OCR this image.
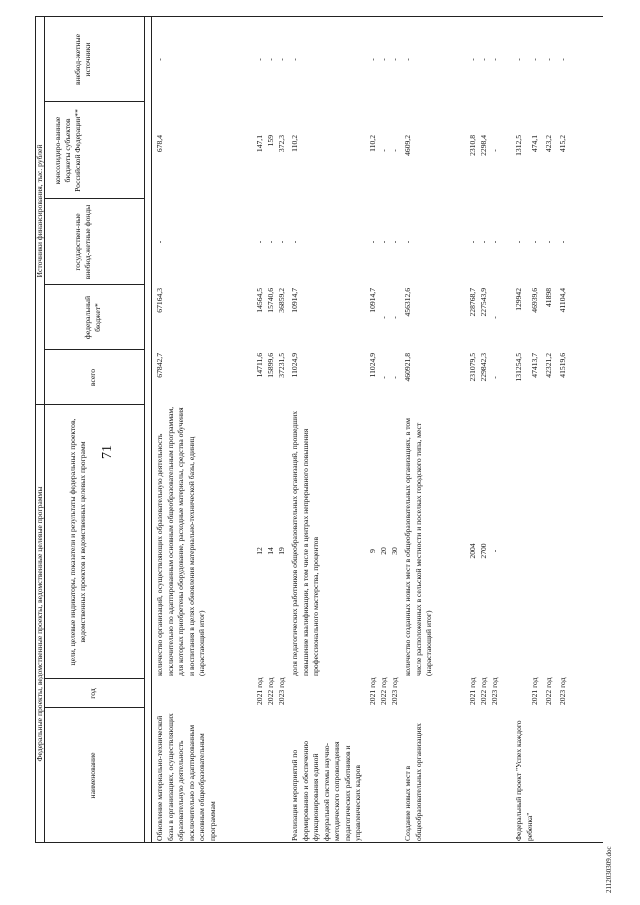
71
2112030309.doc
Федеральные проекты, ведомственные проекты, ведомственные целевые программы
Источники финансирования, тыс. рублей
наименование
год
цели, целевые индикаторы, показатели и результаты федеральных проектов, ведомственных проектов и ведомственных целевых программ
всего
федеральный бюджет*
государствен-ные внебюд-жетные фонды
консолидиро-ванные бюджеты субъектов Российской Федерации**
внебюд-жетные источники
Обновление материально-технической базы в организациях, осуществляющих образовательную деятельность исключительно по адаптированным основным общеобразовательным программам
количество организаций, осуществляющих образовательную деятельность исключительно по адаптированным основным общеобразовательным программам, для которых приобретены оборудование, расходные материалы, средства обучения и воспитания в целях обновления материально-технической базы, единиц (нарастающий итог)
67842,7
67164,3
-
678,4
-
2021 год
12
14711,6
14564,5
-
147,1
-
2022 год
14
15899,6
15740,6
-
159
-
2023 год
19
37231,5
36859,2
-
372,3
-
Реализация мероприятий по формированию и обеспечению функционирования единой федеральной системы научно-методического сопровождения педагогических работников и управленческих кадров
доля педагогических работников общеобразовательных организаций, прошедших повышение квалификации, в том числе в центрах непрерывного повышения профессионального мастерства, процентов
11024,9
10914,7
-
110,2
-
2021 год
9
11024,9
10914,7
-
110,2
-
2022 год
20
-
-
-
-
-
2023 год
30
-
-
-
-
-
Создание новых мест в общеобразовательных организациях
количество созданных новых мест в общеобразовательных организациях, в том числе расположенных в сельской местности и поселках городского типа, мест (нарастающий итог)
460921,8
456312,6
-
4609,2
-
2021 год
2004
231079,5
228768,7
-
2310,8
-
2022 год
2700
229842,3
227543,9
-
2298,4
-
2023 год
-
-
-
-
-
-
Федеральный проект "Успех каждого ребенка"
131254,5
129942
-
1312,5
-
2021 год
47413,7
46939,6
-
474,1
-
2022 год
42321,2
41898
-
423,2
-
2023 год
41519,6
41104,4
-
415,2
-
